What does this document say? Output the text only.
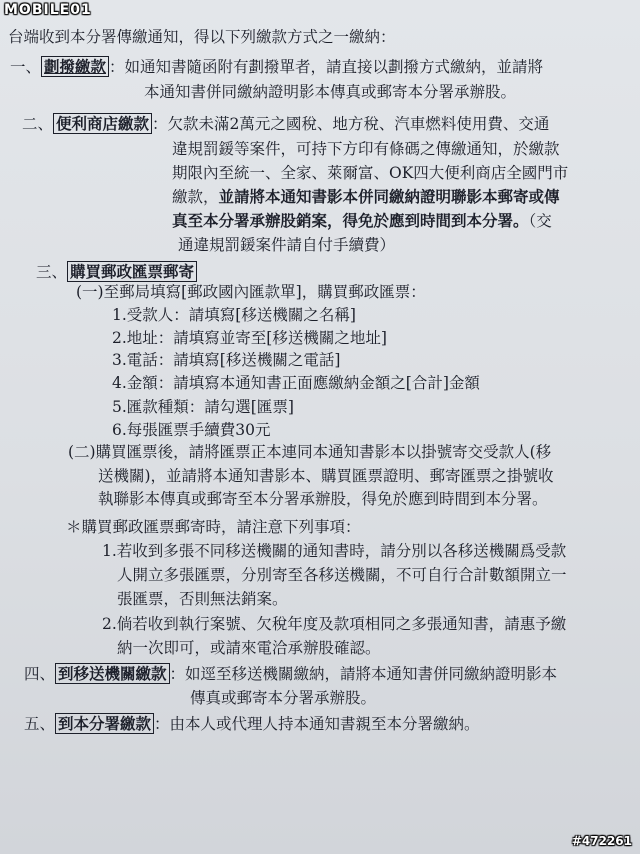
MOBILE01
台端收到本分署傳繳通知，得以下列繳款方式之一繳納：
一、 劃撥繳款 ：如通知書隨函附有劃撥單者，請直接以劃撥方式繳納，並請將
本通知書併同繳納證明影本傳真或郵寄本分署承辦股。
二、 便利商店繳款 ：欠款未滿2萬元之國稅、地方稅、汽車燃料使用費、交通
違規罰鍰等案件，可持下方印有條碼之傳繳通知，於繳款
期限內至統一、全家、萊爾富、OK四大便利商店全國門市
繳款，並請將本通知書影本併同繳納證明聯影本郵寄或傳
真至本分署承辦股銷案，得免於應到時間到本分署。（交
通違規罰鍰案件請自付手續費）
三、 購買郵政匯票郵寄
(一)至郵局填寫[郵政國內匯款單]，購買郵政匯票：
1.受款人：請填寫[移送機關之名稱]
2.地址：請填寫並寄至[移送機關之地址]
3.電話：請填寫[移送機關之電話]
4.金額：請填寫本通知書正面應繳納金額之[合計]金額
5.匯款種類：請勾選[匯票]
6.每張匯票手續費30元
(二)購買匯票後，請將匯票正本連同本通知書影本以掛號寄交受款人(移
送機關)，並請將本通知書影本、購買匯票證明、郵寄匯票之掛號收
執聯影本傳真或郵寄至本分署承辦股，得免於應到時間到本分署。
＊購買郵政匯票郵寄時，請注意下列事項：
1.若收到多張不同移送機關的通知書時，請分別以各移送機關爲受款
人開立多張匯票，分別寄至各移送機關，不可自行合計數額開立一
張匯票，否則無法銷案。
2.倘若收到執行案號、欠稅年度及款項相同之多張通知書，請惠予繳
納一次即可，或請來電洽承辦股確認。
四、 到移送機關繳款 ：如逕至移送機關繳納，請將本通知書併同繳納證明影本
傳真或郵寄本分署承辦股。
五、 到本分署繳款 ：由本人或代理人持本通知書親至本分署繳納。
#472261
